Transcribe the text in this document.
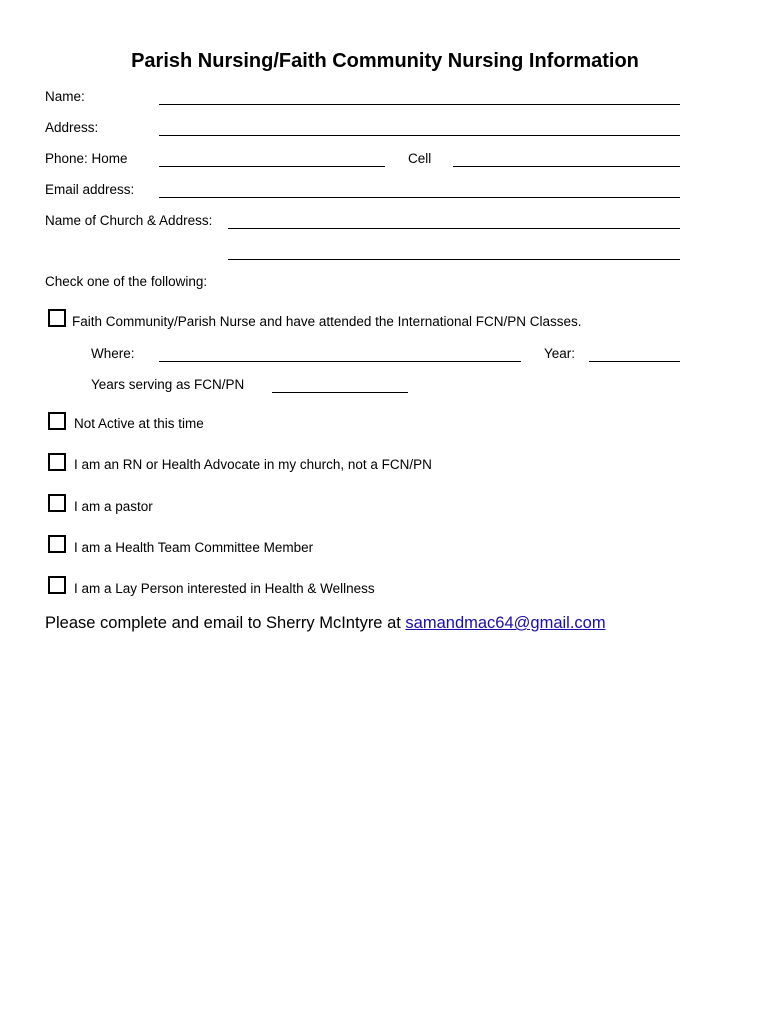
Parish Nursing/Faith Community Nursing Information
Name:
Address:
Phone: Home	Cell
Email address:
Name of Church & Address:
Check one of the following:
Faith Community/Parish Nurse and have attended the International FCN/PN Classes.
Where:	Year:
Years serving as FCN/PN
Not Active at this time
I am an RN or Health Advocate in my church, not a FCN/PN
I am a pastor
I am a Health Team Committee Member
I am a Lay Person interested in Health & Wellness
Please complete and email to Sherry McIntyre at samandmac64@gmail.com
